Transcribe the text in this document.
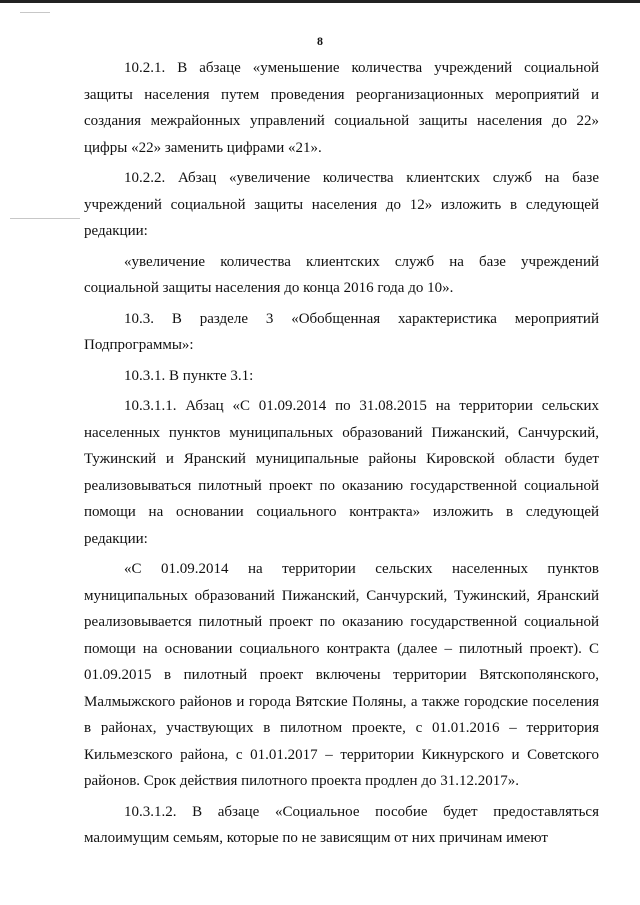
8

10.2.1. В абзаце «уменьшение количества учреждений социальной защиты населения путем проведения реорганизационных мероприятий и создания межрайонных управлений социальной защиты населения до 22» цифры «22» заменить цифрами «21».

10.2.2. Абзац «увеличение количества клиентских служб на базе учреждений социальной защиты населения до 12» изложить в следующей редакции:

«увеличение количества клиентских служб на базе учреждений социальной защиты населения до конца 2016 года до 10».

10.3. В разделе 3 «Обобщенная характеристика мероприятий Подпрограммы»:

10.3.1. В пункте 3.1:

10.3.1.1. Абзац «С 01.09.2014 по 31.08.2015 на территории сельских населенных пунктов муниципальных образований Пижанский, Санчурский, Тужинский и Яранский муниципальные районы Кировской области будет реализовываться пилотный проект по оказанию государственной социальной помощи на основании социального контракта» изложить в следующей редакции:

«С 01.09.2014 на территории сельских населенных пунктов муниципальных образований Пижанский, Санчурский, Тужинский, Яранский реализовывается пилотный проект по оказанию государственной социальной помощи на основании социального контракта (далее – пилотный проект). С 01.09.2015 в пилотный проект включены территории Вятскополянского, Малмыжского районов и города Вятские Поляны, а также городские поселения в районах, участвующих в пилотном проекте, с 01.01.2016 – территория Кильмезского района, с 01.01.2017 – территории Кикнурского и Советского районов. Срок действия пилотного проекта продлен до 31.12.2017».

10.3.1.2. В абзаце «Социальное пособие будет предоставляться малоимущим семьям, которые по не зависящим от них причинам имеют
